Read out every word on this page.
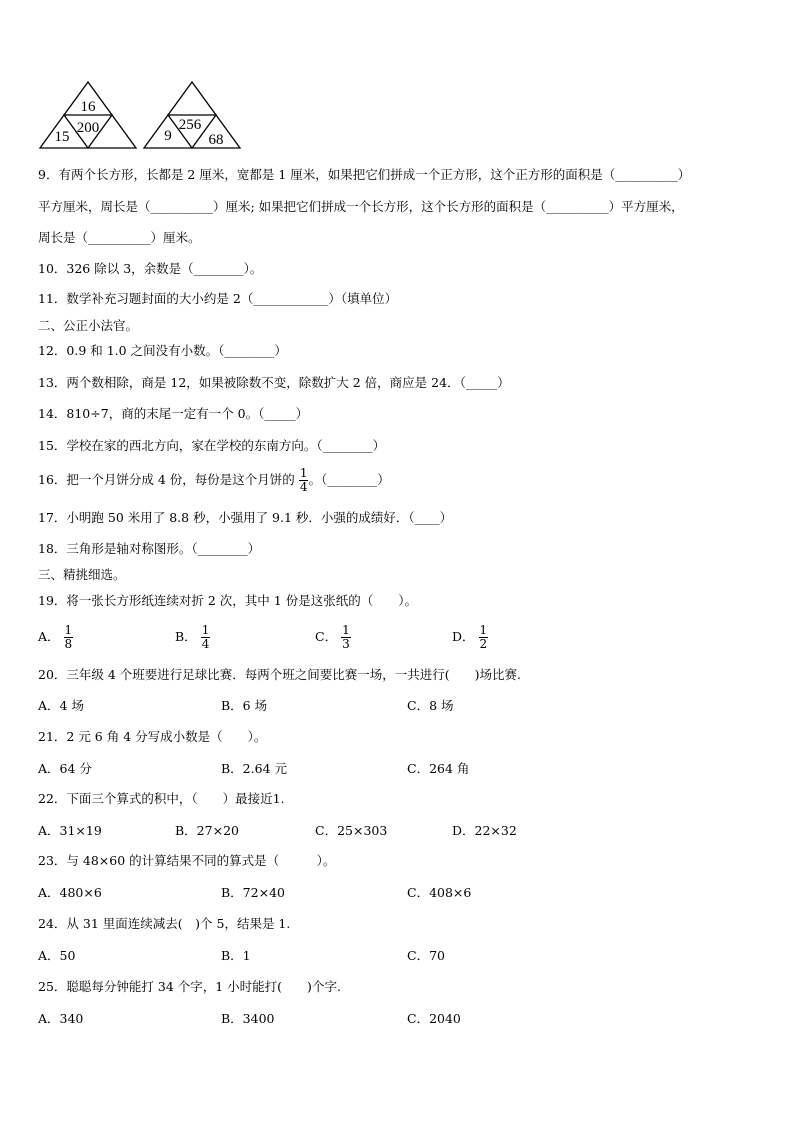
16
15
200	256
9 68
9．有两个长方形，长都是 2 厘米，宽都是 1 厘米，如果把它们拼成一个正方形，这个正方形的面积是（__________）
平方厘米，周长是（__________）厘米; 如果把它们拼成一个长方形，这个长方形的面积是（__________）平方厘米，
周长是（__________）厘米。
10．326 除以 3，余数是（________）。
11．数学补充习题封面的大小约是 2（____________）（填单位）
二、公正小法官。
12．0.9 和 1.0 之间没有小数。（________）
13．两个数相除，商是 12，如果被除数不变，除数扩大 2 倍，商应是 24．（_____）
14．810÷7，商的末尾一定有一个 0。（_____）
15．学校在家的西北方向，家在学校的东南方向。（________）
16．把一个月饼分成 4 份，每份是这个月饼的 $\frac{1}{4}$ 。（________）
17．小明跑 50 米用了 8.8 秒，小强用了 9.1 秒．小强的成绩好．（____）
18．三角形是轴对称图形。（________）
三、精挑细选。
19．将一张长方形纸连续对折 2 次，其中 1 份是这张纸的（　　）。
A． $\frac{1}{8}$	B． $\frac{1}{4}$	C． $\frac{1}{3}$	D． $\frac{1}{2}$
20．三年级 4 个班要进行足球比赛．每两个班之间要比赛一场，一共进行(　　)场比赛.
A．4 场	B．6 场	C．8 场
21．2 元 6 角 4 分写成小数是（　　）。
A．64 分	B．2.64 元	C．264 角
22．下面三个算式的积中，（　　）最接近1.
A．31×19	B．27×20	C．25×303	D．22×32
23．与 48×60 的计算结果不同的算式是（　　　）。
A．480×6	B．72×40	C．408×6
24．从 31 里面连续减去(　)个 5，结果是 1.
A．50	B．1	C．70
25．聪聪每分钟能打 34 个字，1 小时能打(　　)个字.
A．340	B．3400	C．2040
